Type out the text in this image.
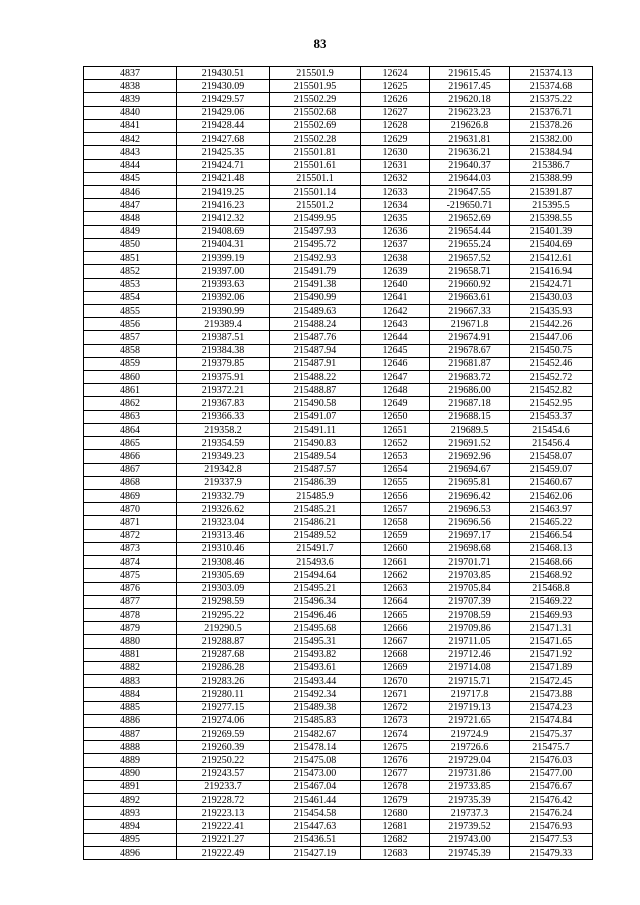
83
4837	219430.51	215501.9	12624	219615.45	215374.13
4838	219430.09	215501.95	12625	219617.45	215374.68
4839	219429.57	215502.29	12626	219620.18	215375.22
4840	219429.06	215502.68	12627	219623.23	215376.71
4841	219428.44	215502.69	12628	219626.8	215378.26
4842	219427.68	215502.28	12629	219631.81	215382.00
4843	219425.35	215501.81	12630	219636.21	215384.94
4844	219424.71	215501.61	12631	219640.37	215386.7
4845	219421.48	215501.1	12632	219644.03	215388.99
4846	219419.25	215501.14	12633	219647.55	215391.87
4847	219416.23	215501.2	12634	-219650.71	215395.5
4848	219412.32	215499.95	12635	219652.69	215398.55
4849	219408.69	215497.93	12636	219654.44	215401.39
4850	219404.31	215495.72	12637	219655.24	215404.69
4851	219399.19	215492.93	12638	219657.52	215412.61
4852	219397.00	215491.79	12639	219658.71	215416.94
4853	219393.63	215491.38	12640	219660.92	215424.71
4854	219392.06	215490.99	12641	219663.61	215430.03
4855	219390.99	215489.63	12642	219667.33	215435.93
4856	219389.4	215488.24	12643	219671.8	215442.26
4857	219387.51	215487.76	12644	219674.91	215447.06
4858	219384.38	215487.94	12645	219678.67	215450.75
4859	219379.85	215487.91	12646	219681.87	215452.46
4860	219375.91	215488.22	12647	219683.72	215452.72
4861	219372.21	215488.87	12648	219686.00	215452.82
4862	219367.83	215490.58	12649	219687.18	215452.95
4863	219366.33	215491.07	12650	219688.15	215453.37
4864	219358.2	215491.11	12651	219689.5	215454.6
4865	219354.59	215490.83	12652	219691.52	215456.4
4866	219349.23	215489.54	12653	219692.96	215458.07
4867	219342.8	215487.57	12654	219694.67	215459.07
4868	219337.9	215486.39	12655	219695.81	215460.67
4869	219332.79	215485.9	12656	219696.42	215462.06
4870	219326.62	215485.21	12657	219696.53	215463.97
4871	219323.04	215486.21	12658	219696.56	215465.22
4872	219313.46	215489.52	12659	219697.17	215466.54
4873	219310.46	215491.7	12660	219698.68	215468.13
4874	219308.46	215493.6	12661	219701.71	215468.66
4875	219305.69	215494.64	12662	219703.85	215468.92
4876	219303.09	215495.21	12663	219705.84	215468.8
4877	219298.59	215496.34	12664	219707.39	215469.22
4878	219295.22	215496.46	12665	219708.59	215469.93
4879	219290.5	215495.68	12666	219709.86	215471.31
4880	219288.87	215495.31	12667	219711.05	215471.65
4881	219287.68	215493.82	12668	219712.46	215471.92
4882	219286.28	215493.61	12669	219714.08	215471.89
4883	219283.26	215493.44	12670	219715.71	215472.45
4884	219280.11	215492.34	12671	219717.8	215473.88
4885	219277.15	215489.38	12672	219719.13	215474.23
4886	219274.06	215485.83	12673	219721.65	215474.84
4887	219269.59	215482.67	12674	219724.9	215475.37
4888	219260.39	215478.14	12675	219726.6	215475.7
4889	219250.22	215475.08	12676	219729.04	215476.03
4890	219243.57	215473.00	12677	219731.86	215477.00
4891	219233.7	215467.04	12678	219733.85	215476.67
4892	219228.72	215461.44	12679	219735.39	215476.42
4893	219223.13	215454.58	12680	219737.3	215476.24
4894	219222.41	215447.63	12681	219739.52	215476.93
4895	219221.27	215436.51	12682	219743.00	215477.53
4896	219222.49	215427.19	12683	219745.39	215479.33
